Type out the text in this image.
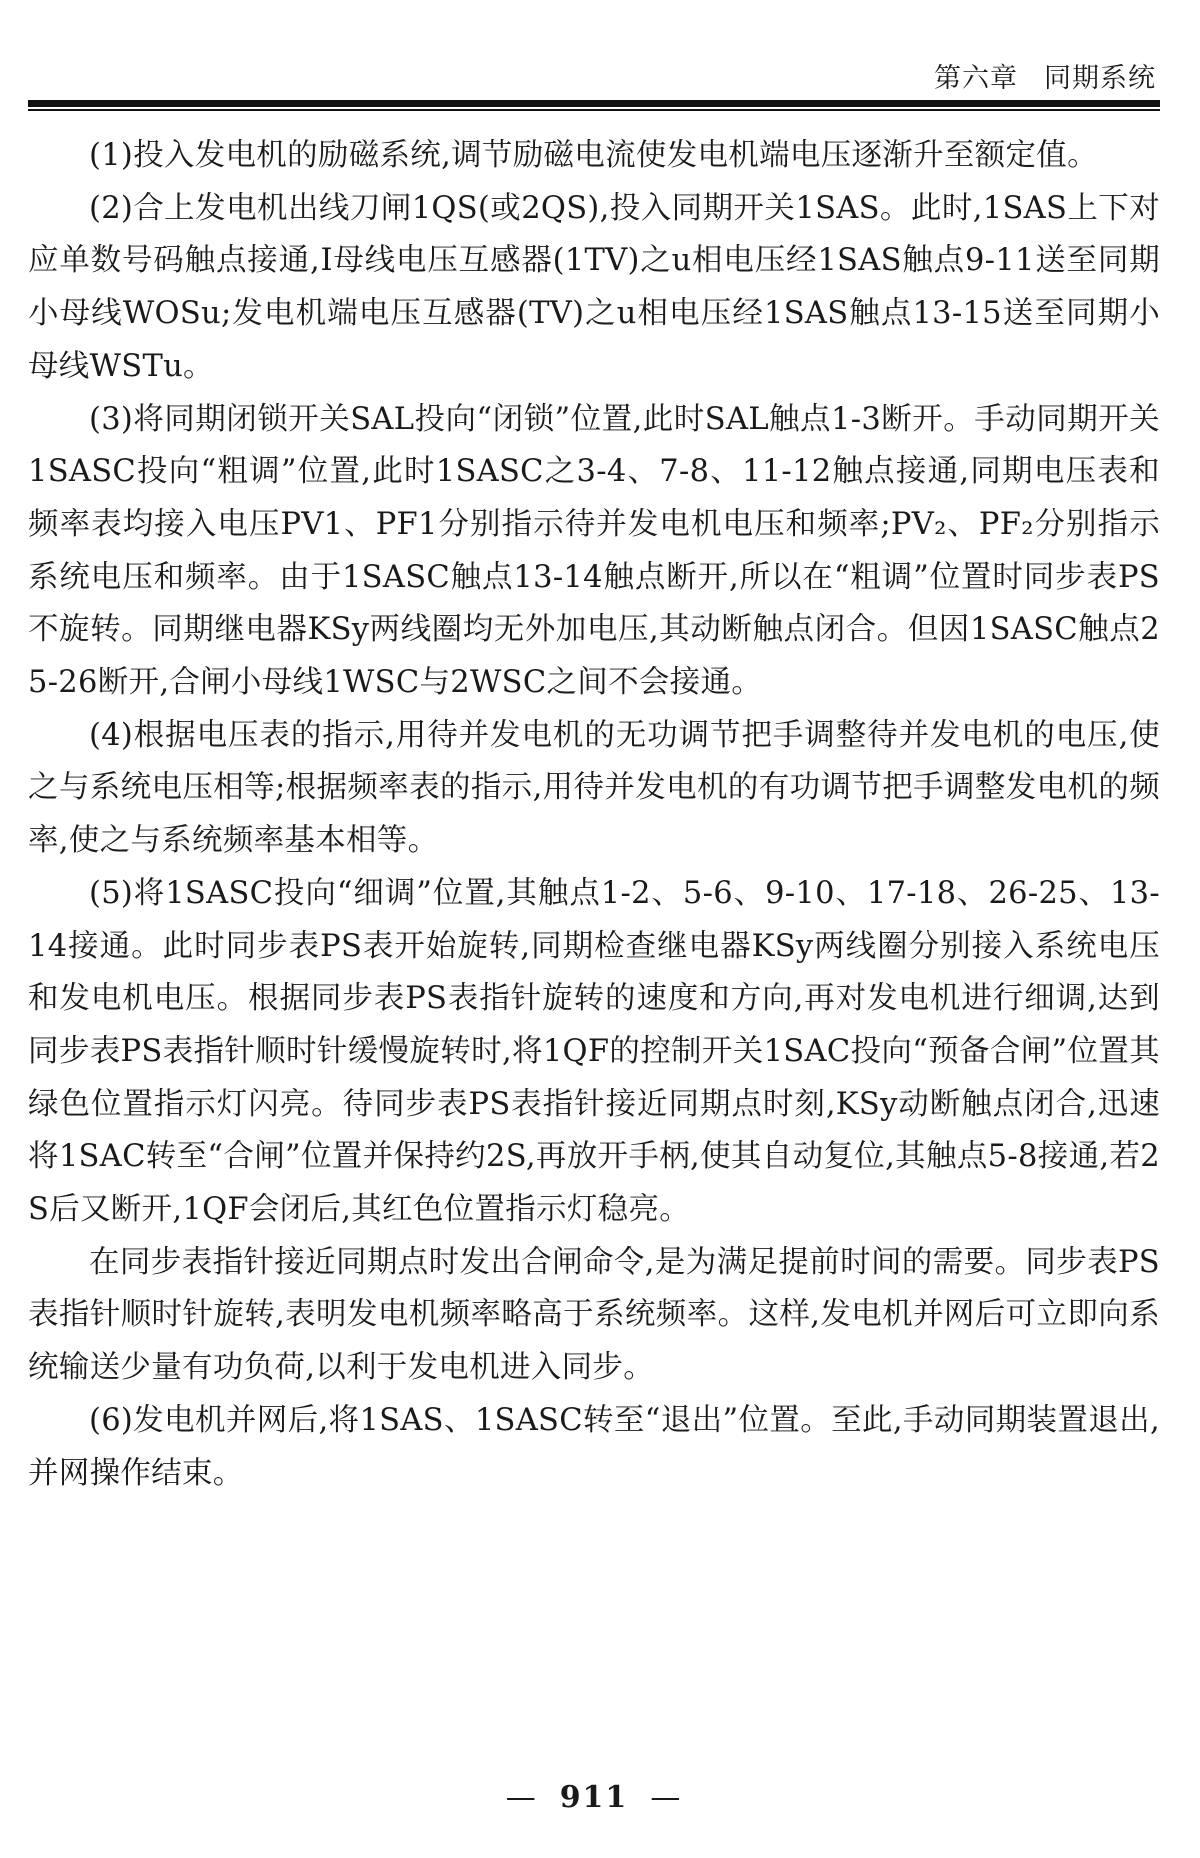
第六章 同期系统

(1)投入发电机的励磁系统,调节励磁电流使发电机端电压逐渐升至额定值。

(2)合上发电机出线刀闸1QS(或2QS),投入同期开关1SAS。此时,1SAS上下对应单数号码触点接通,Ⅰ母线电压互感器(1TV)之u相电压经1SAS触点9-11送至同期小母线WOSu;发电机端电压互感器(TV)之u相电压经1SAS触点13-15送至同期小母线WSTu。

(3)将同期闭锁开关SAL投向“闭锁”位置,此时SAL触点1-3断开。手动同期开关1SASC投向“粗调”位置,此时1SASC之3-4、7-8、11-12触点接通,同期电压表和频率表均接入电压PV1、PF1分别指示待并发电机电压和频率;PV₂、PF₂分别指示系统电压和频率。由于1SASC触点13-14触点断开,所以在“粗调”位置时同步表PS不旋转。同期继电器KSy两线圈均无外加电压,其动断触点闭合。但因1SASC触点25-26断开,合闸小母线1WSC与2WSC之间不会接通。

(4)根据电压表的指示,用待并发电机的无功调节把手调整待并发电机的电压,使之与系统电压相等;根据频率表的指示,用待并发电机的有功调节把手调整发电机的频率,使之与系统频率基本相等。

(5)将1SASC投向“细调”位置,其触点1-2、5-6、9-10、17-18、26-25、13-14接通。此时同步表PS表开始旋转,同期检查继电器KSy两线圈分别接入系统电压和发电机电压。根据同步表PS表指针旋转的速度和方向,再对发电机进行细调,达到同步表PS表指针顺时针缓慢旋转时,将1QF的控制开关1SAC投向“预备合闸”位置其绿色位置指示灯闪亮。待同步表PS表指针接近同期点时刻,KSy动断触点闭合,迅速将1SAC转至“合闸”位置并保持约2S,再放开手柄,使其自动复位,其触点5-8接通,若2S后又断开,1QF会闭后,其红色位置指示灯稳亮。

在同步表指针接近同期点时发出合闸命令,是为满足提前时间的需要。同步表PS表指针顺时针旋转,表明发电机频率略高于系统频率。这样,发电机并网后可立即向系统输送少量有功负荷,以利于发电机进入同步。

(6)发电机并网后,将1SAS、1SASC转至“退出”位置。至此,手动同期装置退出,并网操作结束。

— 911 —
